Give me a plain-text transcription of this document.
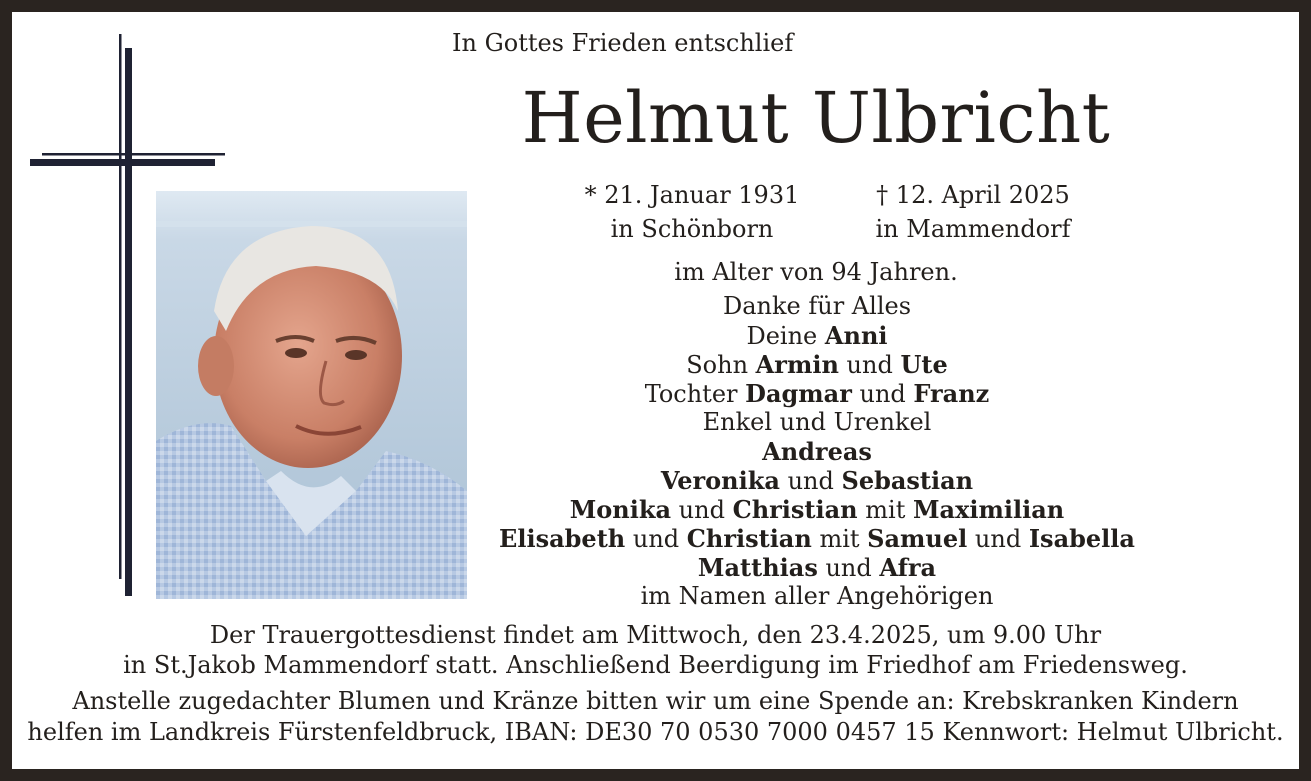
In Gottes Frieden entschlief
Helmut Ulbricht
* 21. Januar 1931
in Schönborn
† 12. April 2025
in Mammendorf
im Alter von 94 Jahren.
Danke für Alles
Deine Anni
Sohn Armin und Ute
Tochter Dagmar und Franz
Enkel und Urenkel
Andreas
Veronika und Sebastian
Monika und Christian mit Maximilian
Elisabeth und Christian mit Samuel und Isabella
Matthias und Afra
im Namen aller Angehörigen
Der Trauergottesdienst findet am Mittwoch, den 23.4.2025, um 9.00 Uhr
in St.Jakob Mammendorf statt. Anschließend Beerdigung im Friedhof am Friedensweg.
Anstelle zugedachter Blumen und Kränze bitten wir um eine Spende an: Krebskranken Kindern
helfen im Landkreis Fürstenfeldbruck, IBAN: DE30 70 0530 7000 0457 15 Kennwort: Helmut Ulbricht.
